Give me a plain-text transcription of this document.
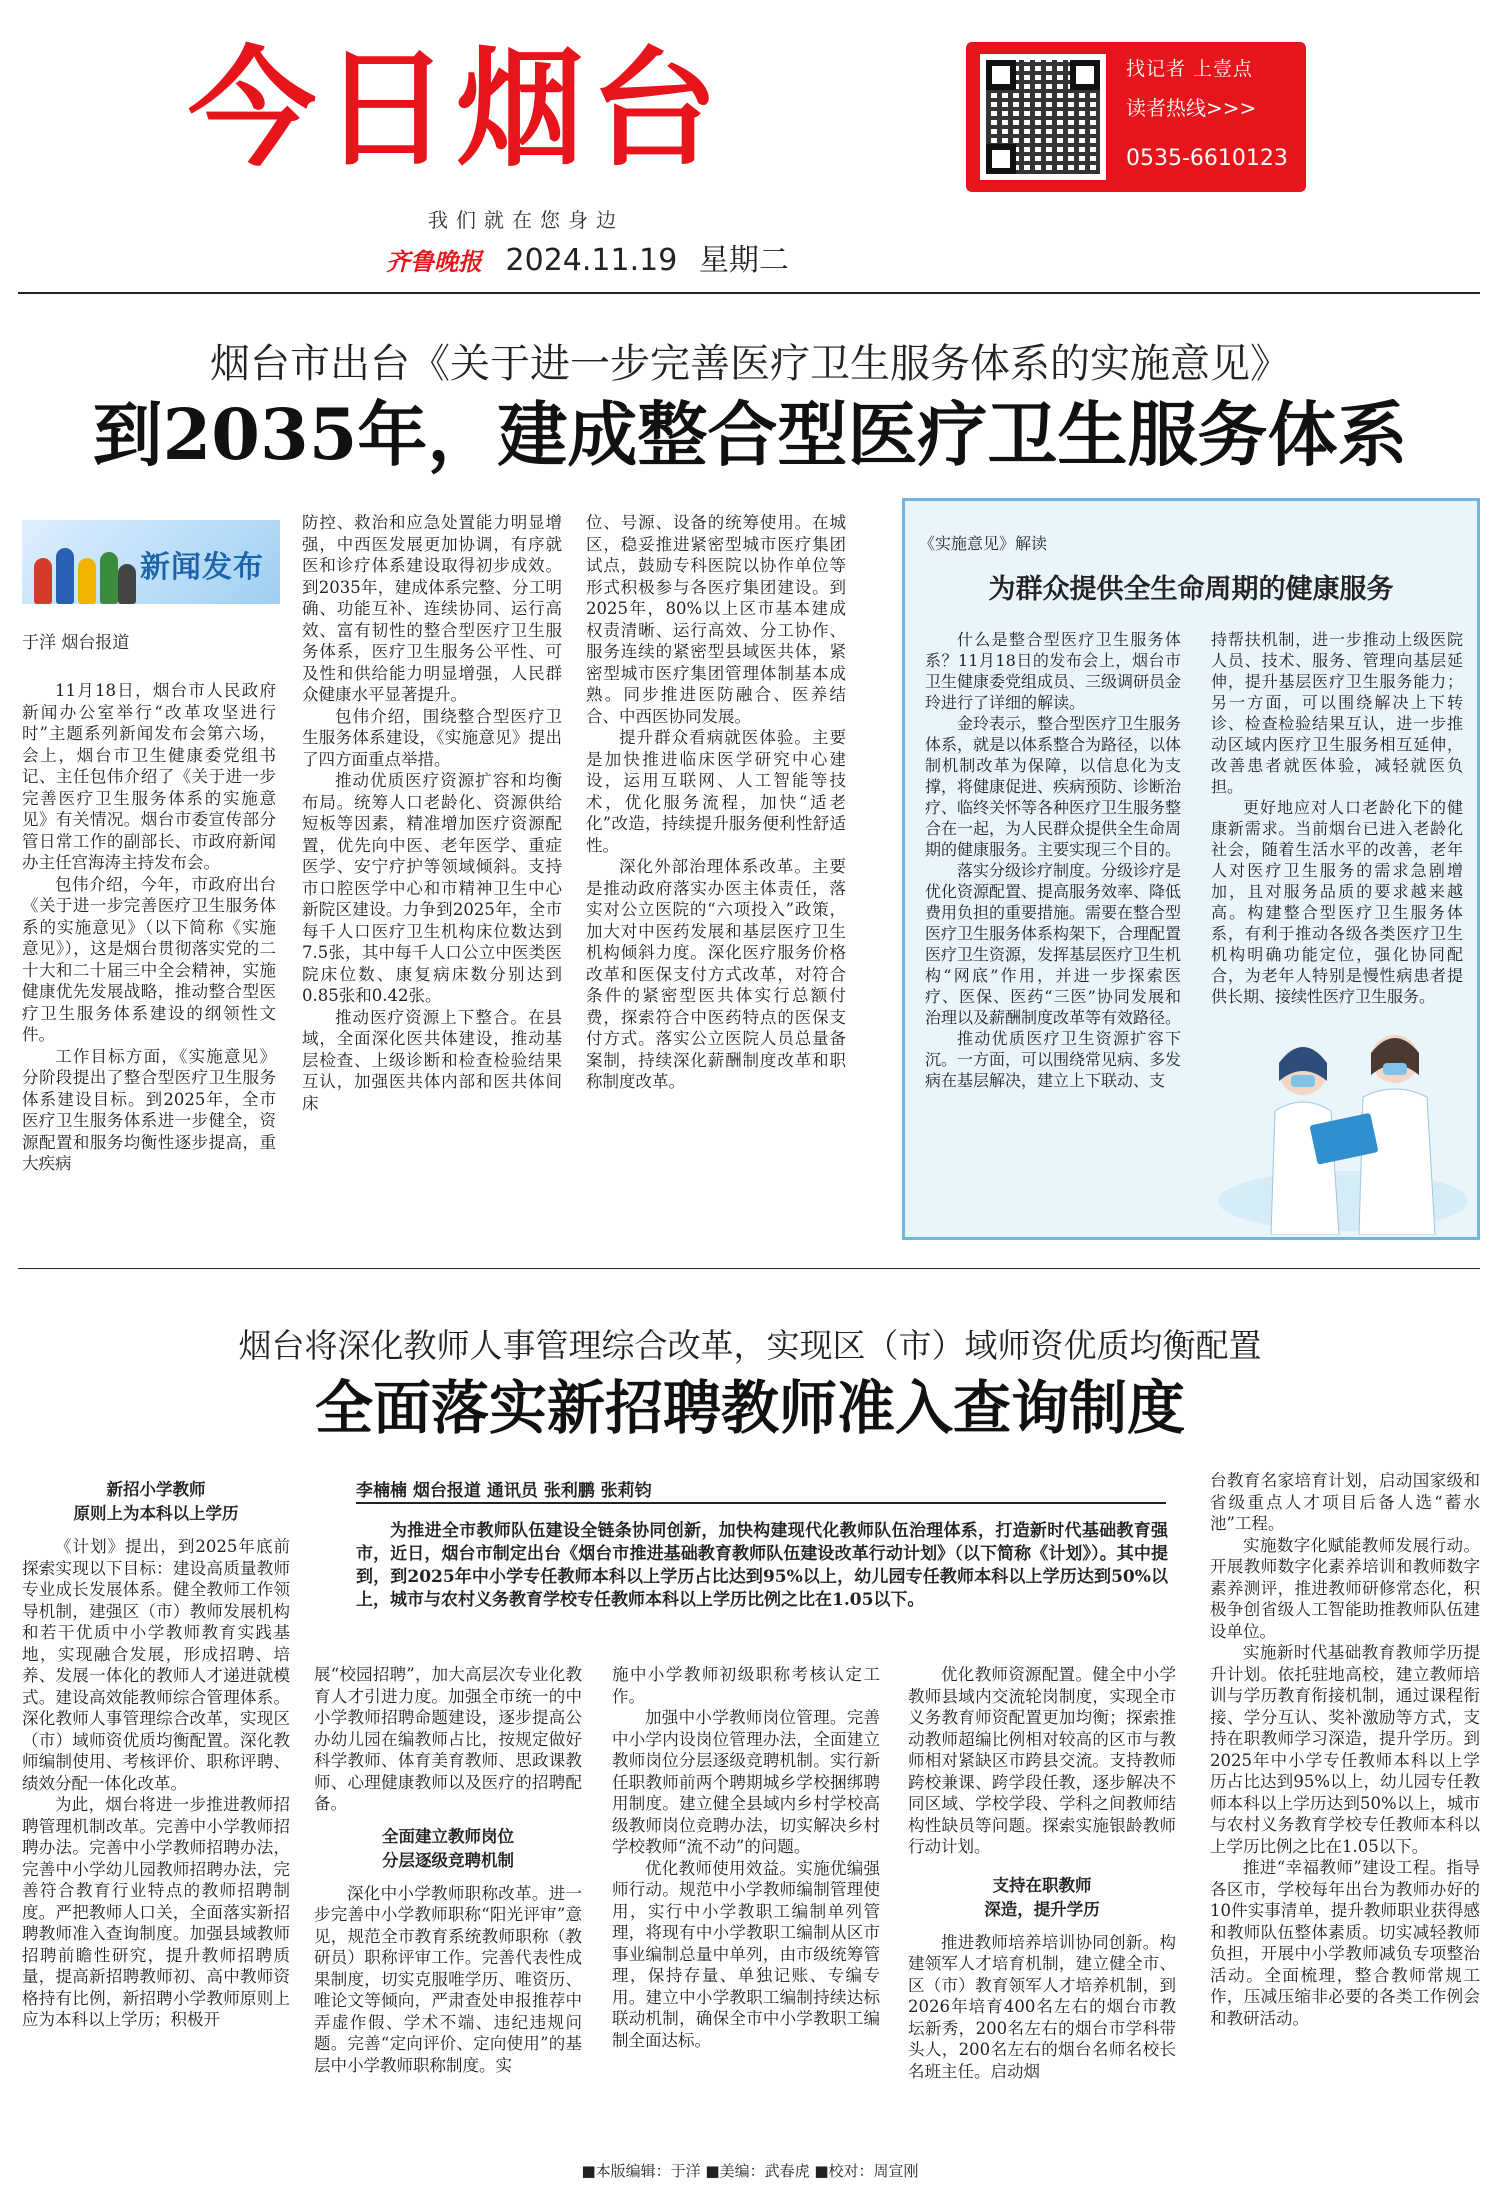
今日烟台
我们就在您身边
齐鲁晚报 2024.11.19 星期二
找记者 上壹点
读者热线>>>
0535-6610123
烟台市出台《关于进一步完善医疗卫生服务体系的实施意见》
到2035年，建成整合型医疗卫生服务体系
新闻发布
于洋 烟台报道

11月18日，烟台市人民政府新闻办公室举行“改革攻坚进行时”主题系列新闻发布会第六场，会上，烟台市卫生健康委党组书记、主任包伟介绍了《关于进一步完善医疗卫生服务体系的实施意见》有关情况。烟台市委宣传部分管日常工作的副部长、市政府新闻办主任宫海涛主持发布会。

包伟介绍，今年，市政府出台《关于进一步完善医疗卫生服务体系的实施意见》（以下简称《实施意见》），这是烟台贯彻落实党的二十大和二十届三中全会精神，实施健康优先发展战略，推动整合型医疗卫生服务体系建设的纲领性文件。

工作目标方面，《实施意见》分阶段提出了整合型医疗卫生服务体系建设目标。到2025年，全市医疗卫生服务体系进一步健全，资源配置和服务均衡性逐步提高，重大疾病

防控、救治和应急处置能力明显增强，中西医发展更加协调，有序就医和诊疗体系建设取得初步成效。到2035年，建成体系完整、分工明确、功能互补、连续协同、运行高效、富有韧性的整合型医疗卫生服务体系，医疗卫生服务公平性、可及性和供给能力明显增强，人民群众健康水平显著提升。

包伟介绍，围绕整合型医疗卫生服务体系建设，《实施意见》提出了四方面重点举措。

推动优质医疗资源扩容和均衡布局。统筹人口老龄化、资源供给短板等因素，精准增加医疗资源配置，优先向中医、老年医学、重症医学、安宁疗护等领域倾斜。支持市口腔医学中心和市精神卫生中心新院区建设。力争到2025年，全市每千人口医疗卫生机构床位数达到7.5张，其中每千人口公立中医类医院床位数、康复病床数分别达到0.85张和0.42张。

推动医疗资源上下整合。在县域，全面深化医共体建设，推动基层检查、上级诊断和检查检验结果互认，加强医共体内部和医共体间床

位、号源、设备的统筹使用。在城区，稳妥推进紧密型城市医疗集团试点，鼓励专科医院以协作单位等形式积极参与各医疗集团建设。到2025年，80%以上区市基本建成权责清晰、运行高效、分工协作、服务连续的紧密型县域医共体，紧密型城市医疗集团管理体制基本成熟。同步推进医防融合、医养结合、中西医协同发展。

提升群众看病就医体验。主要是加快推进临床医学研究中心建设，运用互联网、人工智能等技术，优化服务流程，加快“适老化”改造，持续提升服务便利性舒适性。

深化外部治理体系改革。主要是推动政府落实办医主体责任，落实对公立医院的“六项投入”政策，加大对中医药发展和基层医疗卫生机构倾斜力度。深化医疗服务价格改革和医保支付方式改革，对符合条件的紧密型医共体实行总额付费，探索符合中医药特点的医保支付方式。落实公立医院人员总量备案制，持续深化薪酬制度改革和职称制度改革。

《实施意见》解读
为群众提供全生命周期的健康服务

什么是整合型医疗卫生服务体系？11月18日的发布会上，烟台市卫生健康委党组成员、三级调研员金玲进行了详细的解读。

金玲表示，整合型医疗卫生服务体系，就是以体系整合为路径，以体制机制改革为保障，以信息化为支撑，将健康促进、疾病预防、诊断治疗、临终关怀等各种医疗卫生服务整合在一起，为人民群众提供全生命周期的健康服务。主要实现三个目的。

落实分级诊疗制度。分级诊疗是优化资源配置、提高服务效率、降低费用负担的重要措施。需要在整合型医疗卫生服务体系构架下，合理配置医疗卫生资源，发挥基层医疗卫生机构“网底”作用，并进一步探索医疗、医保、医药“三医”协同发展和治理以及薪酬制度改革等有效路径。

推动优质医疗卫生资源扩容下沉。一方面，可以围绕常见病、多发病在基层解决，建立上下联动、支

持帮扶机制，进一步推动上级医院人员、技术、服务、管理向基层延伸，提升基层医疗卫生服务能力；另一方面，可以围绕解决上下转诊、检查检验结果互认，进一步推动区域内医疗卫生服务相互延伸，改善患者就医体验，减轻就医负担。

更好地应对人口老龄化下的健康新需求。当前烟台已进入老龄化社会，随着生活水平的改善，老年人对医疗卫生服务的需求急剧增加，且对服务品质的要求越来越高。构建整合型医疗卫生服务体系，有利于推动各级各类医疗卫生机构明确功能定位，强化协同配合，为老年人特别是慢性病患者提供长期、接续性医疗卫生服务。

烟台将深化教师人事管理综合改革，实现区（市）域师资优质均衡配置
全面落实新招聘教师准入查询制度

新招小学教师

原则上为本科以上学历

《计划》提出，到2025年底前探索实现以下目标：建设高质量教师专业成长发展体系。健全教师工作领导机制，建强区（市）教师发展机构和若干优质中小学教师教育实践基地，实现融合发展，形成招聘、培养、发展一体化的教师人才递进就模式。建设高效能教师综合管理体系。深化教师人事管理综合改革，实现区（市）域师资优质均衡配置。深化教师编制使用、考核评价、职称评聘、绩效分配一体化改革。

为此，烟台将进一步推进教师招聘管理机制改革。完善中小学教师招聘办法。完善中小学教师招聘办法，完善中小学幼儿园教师招聘办法，完善符合教育行业特点的教师招聘制度。严把教师人口关，全面落实新招聘教师准入查询制度。加强县域教师招聘前瞻性研究，提升教师招聘质量，提高新招聘教师初、高中教师资格持有比例，新招聘小学教师原则上应为本科以上学历；积极开

李楠楠 烟台报道 通讯员 张利鹏 张莉钧
为推进全市教师队伍建设全链条协同创新，加快构建现代化教师队伍治理体系，打造新时代基础教育强市，近日，烟台市制定出台《烟台市推进基础教育教师队伍建设改革行动计划》（以下简称《计划》）。其中提到，到2025年中小学专任教师本科以上学历占比达到95%以上，幼儿园专任教师本科以上学历达到50%以上，城市与农村义务教育学校专任教师本科以上学历比例之比在1.05以下。

展“校园招聘”，加大高层次专业化教育人才引进力度。加强全市统一的中小学教师招聘命题建设，逐步提高公办幼儿园在编教师占比，按规定做好科学教师、体育美育教师、思政课教师、心理健康教师以及医疗的招聘配备。

全面建立教师岗位

分层逐级竞聘机制

深化中小学教师职称改革。进一步完善中小学教师职称“阳光评审”意见，规范全市教育系统教师职称（教研员）职称评审工作。完善代表性成果制度，切实克服唯学历、唯资历、唯论文等倾向，严肃查处申报推荐中弄虚作假、学术不端、违纪违规问题。完善“定向评价、定向使用”的基层中小学教师职称制度。实

施中小学教师初级职称考核认定工作。

加强中小学教师岗位管理。完善中小学内设岗位管理办法，全面建立教师岗位分层逐级竞聘机制。实行新任职教师前两个聘期城乡学校捆绑聘用制度。建立健全县域内乡村学校高级教师岗位竞聘办法，切实解决乡村学校教师“流不动”的问题。

优化教师使用效益。实施优编强师行动。规范中小学教师编制管理使用，实行中小学教职工编制单列管理，将现有中小学教职工编制从区市事业编制总量中单列，由市级统筹管理，保持存量、单独记账、专编专用。建立中小学教职工编制持续达标联动机制，确保全市中小学教职工编制全面达标。

优化教师资源配置。健全中小学教师县域内交流轮岗制度，实现全市义务教育师资配置更加均衡；探索推动教师超编比例相对较高的区市与教师相对紧缺区市跨县交流。支持教师跨校兼课、跨学段任教，逐步解决不同区域、学校学段、学科之间教师结构性缺员等问题。探索实施银龄教师行动计划。

支持在职教师

深造，提升学历

推进教师培养培训协同创新。构建领军人才培育机制，建立健全市、区（市）教育领军人才培养机制，到2026年培育400名左右的烟台市教坛新秀，200名左右的烟台市学科带头人，200名左右的烟台名师名校长名班主任。启动烟

台教育名家培育计划，启动国家级和省级重点人才项目后备人选“蓄水池”工程。

实施数字化赋能教师发展行动。开展教师数字化素养培训和教师数字素养测评，推进教师研修常态化，积极争创省级人工智能助推教师队伍建设单位。

实施新时代基础教育教师学历提升计划。依托驻地高校，建立教师培训与学历教育衔接机制，通过课程衔接、学分互认、奖补激励等方式，支持在职教师学习深造，提升学历。到2025年中小学专任教师本科以上学历占比达到95%以上，幼儿园专任教师本科以上学历达到50%以上，城市与农村义务教育学校专任教师本科以上学历比例之比在1.05以下。

推进“幸福教师”建设工程。指导各区市，学校每年出台为教师办好的10件实事清单，提升教师职业获得感和教师队伍整体素质。切实减轻教师负担，开展中小学教师减负专项整治活动。全面梳理，整合教师常规工作，压减压缩非必要的各类工作例会和教研活动。

■本版编辑：于洋 ■美编：武春虎 ■校对：周宣刚
